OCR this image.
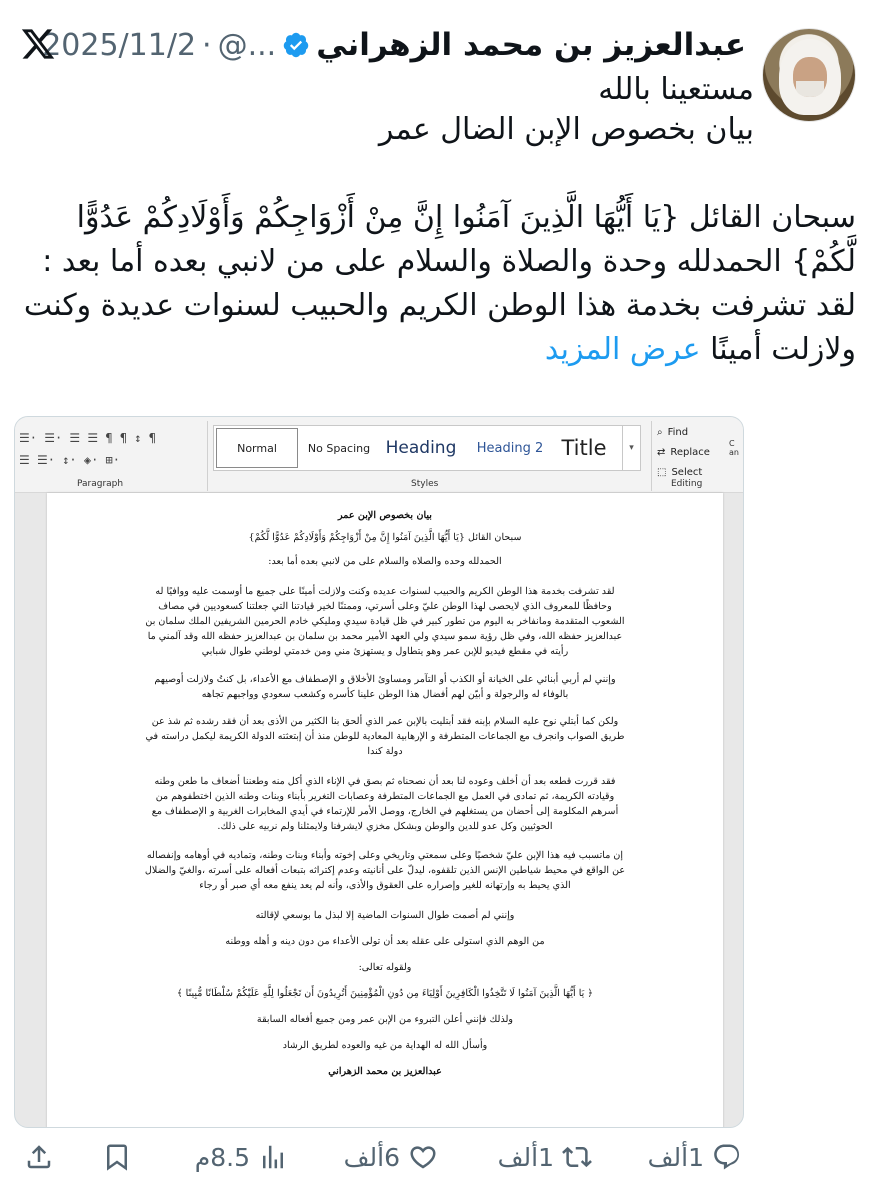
عبدالعزيز بن محمد الزهراني
2025/11/2 · @...

مستعينا بالله

بيان بخصوص الإبن الضال عمر

سبحان القائل {يَا أَيُّهَا الَّذِينَ آمَنُوا إِنَّ مِنْ أَزْوَاجِكُمْ وَأَوْلَادِكُمْ عَدُوًّا لَّكُمْ} الحمدلله وحدة والصلاة والسلام على من لانبي بعده أما بعد : لقد تشرفت بخدمة هذا الوطن الكريم والحبيب لسنوات عديدة وكنت ولازلت أمينًا عرض المزيد
☰· ☰· ☰ ☰ ¶ ¶ ↕ ¶
☰ ☰· ↕· ◈· ⊞·
Paragraph
Normal	No Spacing Heading	Heading 2 Title	▾
Styles
⌕ Find
⇄ Replace
⬚ Select
Editing
C
an
بيان بخصوص الإبن عمر
سبحان القائل {يَا أَيُّهَا الَّذِينَ آمَنُوا إِنَّ مِنْ أَزْوَاجِكُمْ وَأَوْلَادِكُمْ عَدُوًّا لَّكُمْ}
الحمدلله وحده والصلاه والسلام على من لانبي بعده أما بعد:
لقد تشرفت بخدمة هذا الوطن الكريم والحبيب لسنوات عديده وكنت ولازلت أمينًا على جميع ما أوسمت عليه ووافيًا له
وحافظًا للمعروف الذي لايحصى لهذا الوطن عليّ وعلى أسرتي، وممتنًا لخير قيادتنا التي جعلتنا كسعوديين في مصاف
الشعوب المتقدمة ومانفاخر به اليوم من تطور كبير في ظل قيادة سيدي ومليكي خادم الحرمين الشريفين الملك سلمان بن
عبدالعزيز حفظه الله، وفي ظل رؤية سمو سيدي ولي العهد الأمير محمد بن سلمان بن عبدالعزيز حفظه الله وقد آلمني ما
رأيته في مقطع فيديو للإبن عمر وهو يتطاول و يستهزئ مني ومن خدمتي لوطني طوال شبابي
وإنني لم أربي أبنائي على الخيانة أو الكذب أو التآمر ومساوئ الأخلاق و الإصطفاف مع الأعداء، بل كنتُ ولازلت أوصيهم
بالوفاء له والرجولة و أبيّن لهم أفضال هذا الوطن علينا كأسره وكشعب سعودي وواجبهم تجاهه
ولكن كما أبتلي نوح عليه السلام بإبنه فقد أبتليت بالإبن عمر الذي ألحق بنا الكثير من الأذى بعد أن فقد رشده ثم شذ عن
طريق الصواب وانجرف مع الجماعات المتطرفة و الإرهابية المعادية للوطن منذ أن إبتعثته الدولة الكريمة ليكمل دراسته في
دولة كندا
فقد قررت قطعه بعد أن أخلف وعوده لنا بعد أن نصحناه ثم بصق في الإناء الذي أكل منه وطعننا أضعاف ما طعن وطنه
وقيادته الكريمة، ثم تمادى في العمل مع الجماعات المتطرفة وعصابات التغرير بأبناء وبنات وطنه الذين اختطفوهم من
أسرهم المكلومة إلى أحضان من يستغلهم في الخارج، ووصل الأمر للإرتماء في أيدي المخابرات الغربية و الإصطفاف مع
الحوثيين وكل عدو للدين والوطن وبشكل مخزي لايشرفنا ولايمثلنا ولم نربيه على ذلك.
إن ماتسبب فيه هذا الإبن عليّ شخصيًا وعلى سمعتي وتاريخي وعلى إخوته وأبناء وبنات وطنه، وتماديه في أوهامه وإنفصاله
عن الواقع في محيط شياطين الإنس الذين تلقفوه، ليدلّ على أنانيته وعدم إكتراثه بتبعات أفعاله على أسرته ،والغيّ والضلال
الذي يحيط به وإرتهانه للغير وإصراره على العقوق والأذى، وأنه لم يعد ينفع معه أي صبر أو رجاء
وإنني لم أصمت طوال السنوات الماضية إلا لبذل ما بوسعي لإقالته
من الوهم الذي استولى على عقله بعد أن تولى الأعداء من دون دينه و أهله ووطنه
ولقوله تعالى:
﴿ يَا أَيُّهَا الَّذِينَ آمَنُوا لَا تَتَّخِذُوا الْكَافِرِينَ أَوْلِيَاءَ مِن دُونِ الْمُؤْمِنِينَ أَتُرِيدُونَ أَن تَجْعَلُوا لِلَّهِ عَلَيْكُمْ سُلْطَانًا مُّبِينًا ﴾
ولذلك فإنني أعلن التبروء من الإبن عمر ومن جميع أفعاله السابقة
وأسأل الله له الهداية من غيه والعوده لطريق الرشاد
عبدالعزيز بن محمد الزهراني
1ألف
1ألف
6ألف
8.5م
